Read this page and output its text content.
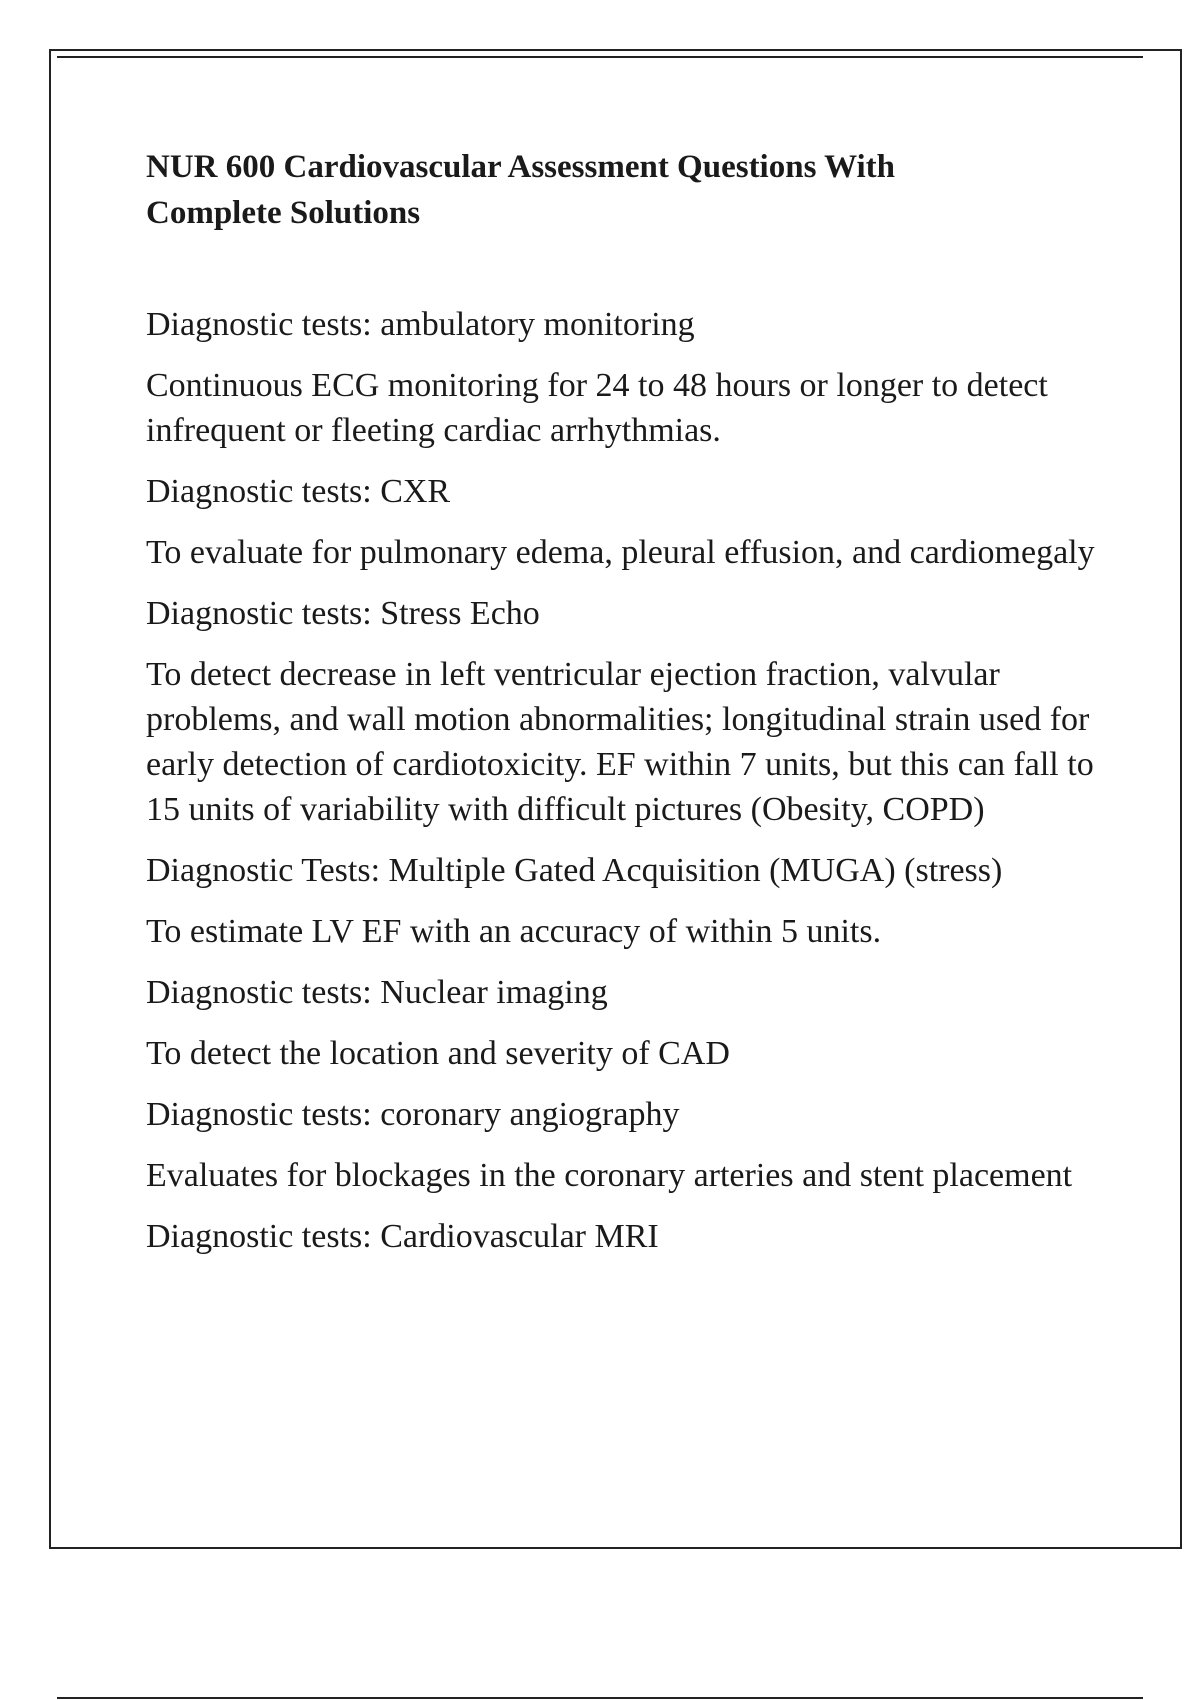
NUR 600 Cardiovascular Assessment Questions With
Complete Solutions

Diagnostic tests: ambulatory monitoring

Continuous ECG monitoring for 24 to 48 hours or longer to detect infrequent or fleeting cardiac arrhythmias.

Diagnostic tests: CXR

To evaluate for pulmonary edema, pleural effusion, and cardiomegaly

Diagnostic tests: Stress Echo

To detect decrease in left ventricular ejection fraction, valvular problems, and wall motion abnormalities; longitudinal strain used for early detection of cardiotoxicity. EF within 7 units, but this can fall to 15 units of variability with difficult pictures (Obesity, COPD)

Diagnostic Tests: Multiple Gated Acquisition (MUGA) (stress)

To estimate LV EF with an accuracy of within 5 units.

Diagnostic tests: Nuclear imaging

To detect the location and severity of CAD

Diagnostic tests: coronary angiography

Evaluates for blockages in the coronary arteries and stent placement

Diagnostic tests: Cardiovascular MRI
